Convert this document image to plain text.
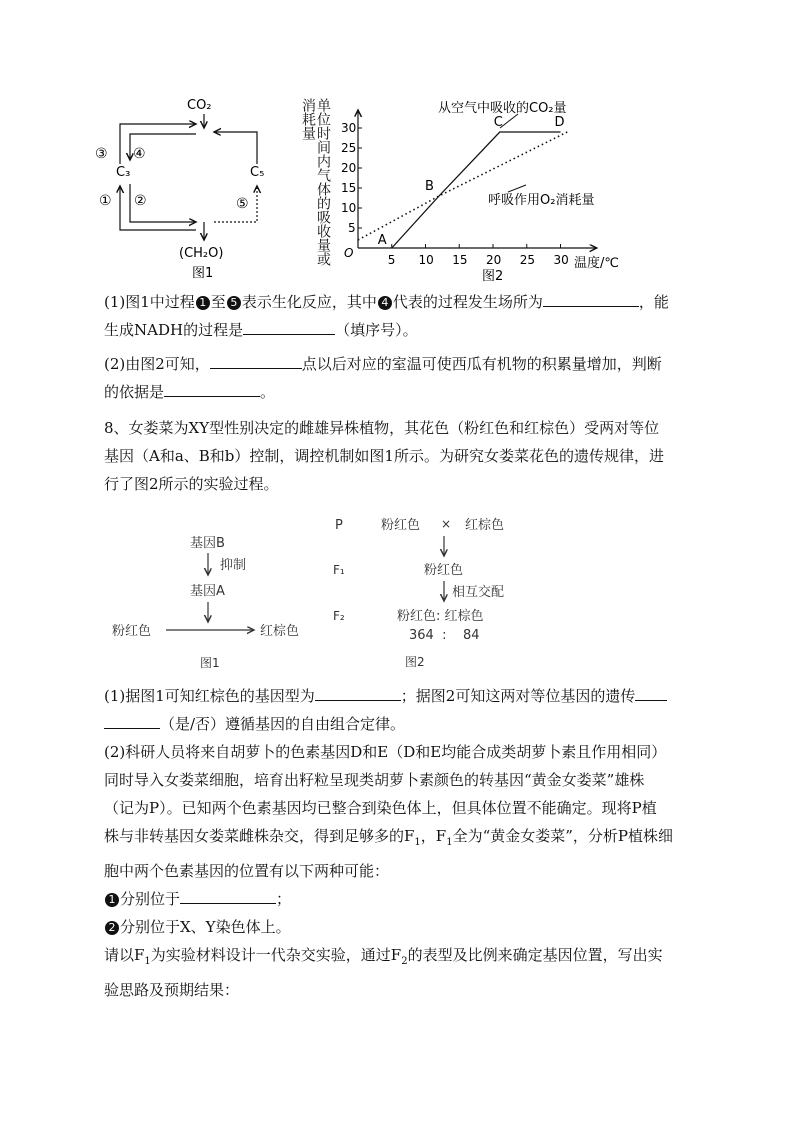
CO₂
C₃	C₅
(CH₂O)
③ ④
① ②	⑤
图1
单位时间内气体的吸收量或消耗量
5 10 15 20 25 30
5
10
15
20
25
30
A
B
C	D
温度/℃
O
从空气中吸收的CO₂量
呼吸作用O₂消耗量
图2
(1)图1中过程 1 至 5 表示生化反应，其中 4 代表的过程发生场所为	，能
生成NADH的过程是	（填序号）。
(2)由图2可知，	点以后对应的室温可使西瓜有机物的积累量增加，判断
的依据是	。
8、女娄菜为XY型性别决定的雌雄异株植物，其花色（粉红色和红棕色）受两对等位
基因（A和a、B和b）控制，调控机制如图1所示。为研究女娄菜花色的遗传规律，进
行了图2所示的实验过程。
基因B
抑制
基因A
粉红色	红棕色
图1
P	粉红色 × 红棕色
F₁	粉红色
相互交配
F₂	粉红色: 红棕色
364  :    84
图2
(1)据图1可知红棕色的基因型为	；据图2可知这两对等位基因的遗传
（是/否）遵循基因的自由组合定律。
(2)科研人员将来自胡萝卜的色素基因D和E（D和E均能合成类胡萝卜素且作用相同）
同时导入女娄菜细胞，培育出籽粒呈现类胡萝卜素颜色的转基因“黄金女娄菜”雄株
（记为P）。已知两个色素基因均已整合到染色体上，但具体位置不能确定。现将P植
株与非转基因女娄菜雌株杂交，得到足够多的$F_1$，$F_1$全为“黄金女娄菜”，分析P植株细
胞中两个色素基因的位置有以下两种可能：
1 分别位于	；
2 分别位于X、Y染色体上。
请以$F_1$为实验材料设计一代杂交实验，通过$F_2$的表型及比例来确定基因位置，写出实
验思路及预期结果：
